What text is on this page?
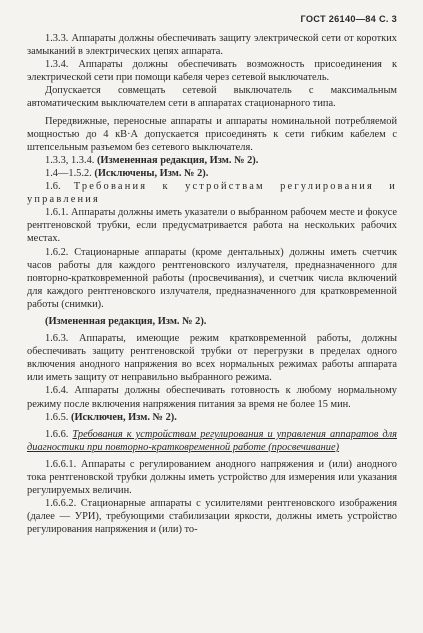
ГОСТ 26140—84 С. 3

1.3.3. Аппараты должны обеспечивать защиту электрической сети от коротких замыканий в электрических цепях аппарата.

1.3.4. Аппараты должны обеспечивать возможность присоединения к электрической сети при помощи кабеля через сетевой выключатель.

Допускается совмещать сетевой выключатель с максимальным автоматическим выключателем сети в аппаратах стационарного типа.

Передвижные, переносные аппараты и аппараты номинальной потребляемой мощностью до 4 кВ·А допускается присоединять к сети гибким кабелем с штепсельным разъемом без сетевого выключателя.

1.3.3, 1.3.4. (Измененная редакция, Изм. № 2).

1.4—1.5.2. (Исключены, Изм. № 2).

1.6. Требования к устройствам регулирования и управления

1.6.1. Аппараты должны иметь указатели о выбранном рабочем месте и фокусе рентгеновской трубки, если предусматривается работа на нескольких рабочих местах.

1.6.2. Стационарные аппараты (кроме дентальных) должны иметь счетчик часов работы для каждого рентгеновского излучателя, предназначенного для повторно-кратковременной работы (просвечивания), и счетчик числа включений для каждого рентгеновского излучателя, предназначенного для кратковременной работы (снимки).

(Измененная редакция, Изм. № 2).

1.6.3. Аппараты, имеющие режим кратковременной работы, должны обеспечивать защиту рентгеновской трубки от перегрузки в пределах одного включения анодного напряжения во всех нормальных режимах работы аппарата или иметь защиту от неправильно выбранного режима.

1.6.4. Аппараты должны обеспечивать готовность к любому нормальному режиму после включения напряжения питания за время не более 15 мин.

1.6.5. (Исключен, Изм. № 2).

1.6.6. Требования к устройствам регулирования и управления аппаратов для диагностики при повторно-кратковременной работе (просвечивание)

1.6.6.1. Аппараты с регулированием анодного напряжения и (или) анодного тока рентгеновской трубки должны иметь устройство для измерения или указания регулируемых величин.

1.6.6.2. Стационарные аппараты с усилителями рентгеновского изображения (далее — УРИ), требующими стабилизации яркости, должны иметь устройство регулирования напряжения и (или) то-
